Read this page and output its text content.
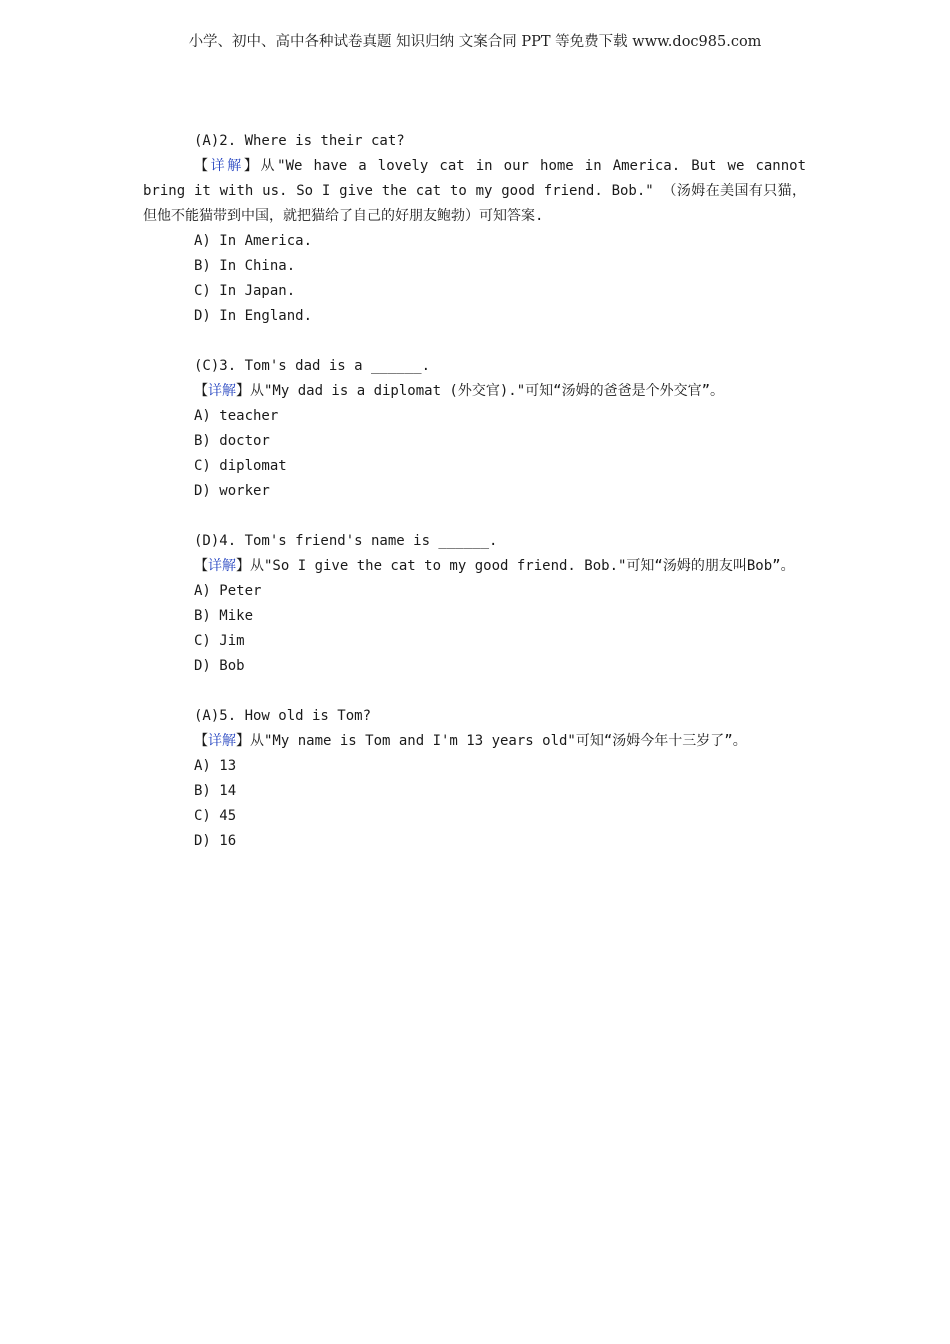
小学、初中、高中各种试卷真题 知识归纳 文案合同 PPT 等免费下载 www.doc985.com
(A)2. Where is their cat?
【详解】从"We have a lovely cat in our home in America. But we cannot bring it with us. So I give the cat to my good friend. Bob." （汤姆在美国有只猫，但他不能猫带到中国，就把猫给了自己的好朋友鲍勃）可知答案.
A) In America.
B) In China.
C) In Japan.
D) In England.
(C)3. Tom's dad is a ______.
【详解】从"My dad is a diplomat (外交官)."可知“汤姆的爸爸是个外交官”。
A) teacher
B) doctor
C) diplomat
D) worker
(D)4. Tom's friend's name is ______.
【详解】从"So I give the cat to my good friend. Bob."可知“汤姆的朋友叫Bob”。
A) Peter
B) Mike
C) Jim
D) Bob
(A)5. How old is Tom?
【详解】从"My name is Tom and I'm 13 years old"可知“汤姆今年十三岁了”。
A) 13
B) 14
C) 45
D) 16
